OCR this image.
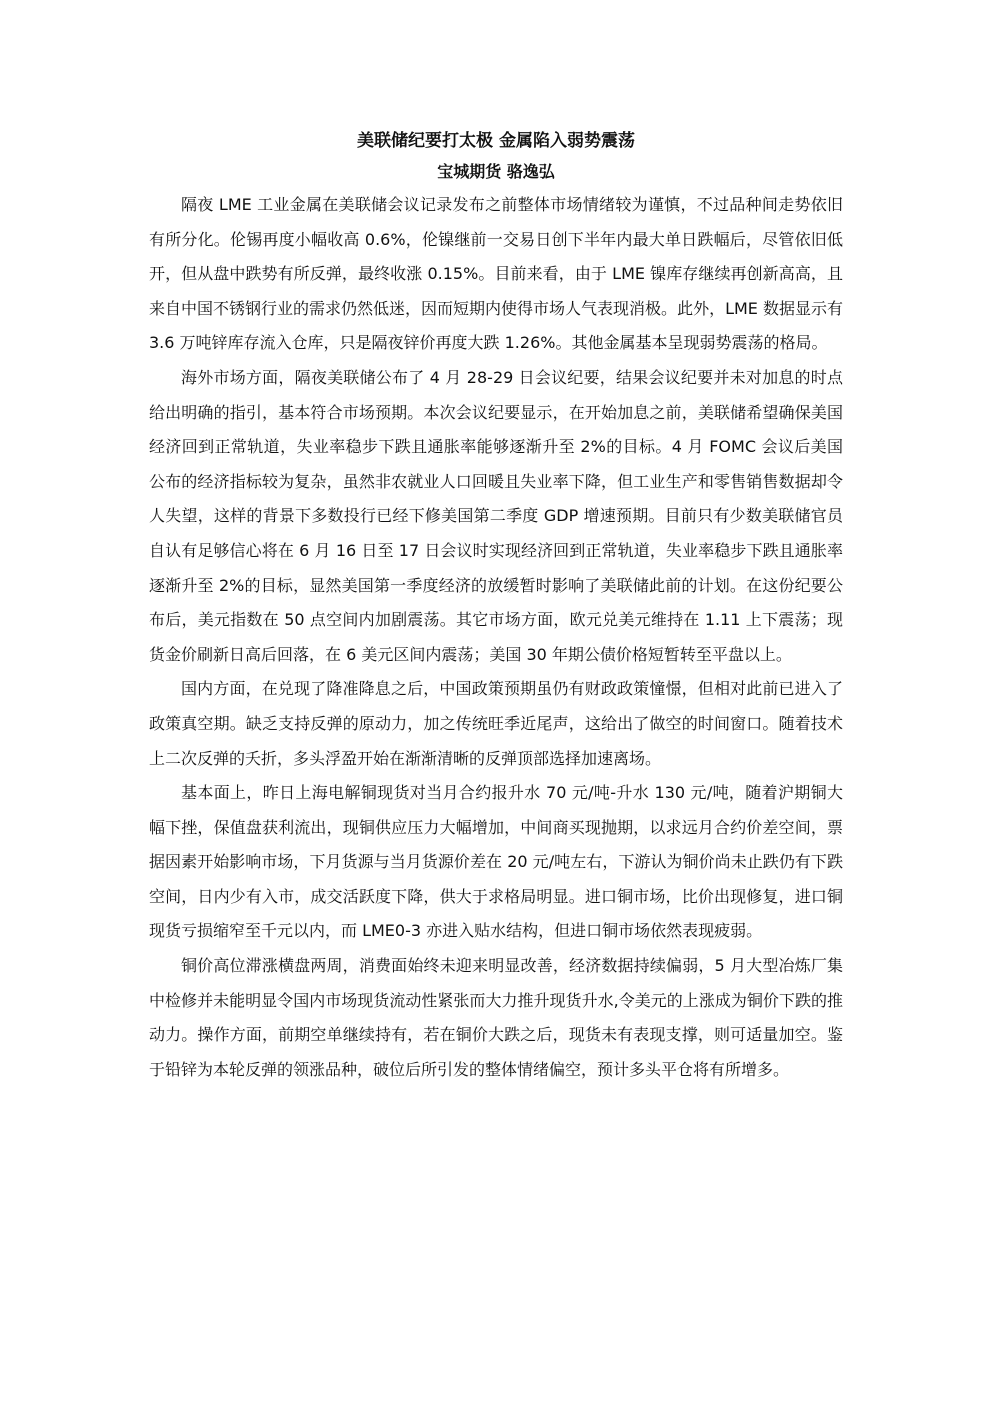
美联储纪要打太极 金属陷入弱势震荡
宝城期货 骆逸弘

隔夜 LME 工业金属在美联储会议记录发布之前整体市场情绪较为谨慎，不过品种间走势依旧有所分化。伦锡再度小幅收高 0.6%，伦镍继前一交易日创下半年内最大单日跌幅后，尽管依旧低开，但从盘中跌势有所反弹，最终收涨 0.15%。目前来看，由于 LME 镍库存继续再创新高高，且来自中国不锈钢行业的需求仍然低迷，因而短期内使得市场人气表现消极。此外，LME 数据显示有 3.6 万吨锌库存流入仓库，只是隔夜锌价再度大跌 1.26%。其他金属基本呈现弱势震荡的格局。

海外市场方面，隔夜美联储公布了 4 月 28-29 日会议纪要，结果会议纪要并未对加息的时点给出明确的指引，基本符合市场预期。本次会议纪要显示，在开始加息之前，美联储希望确保美国经济回到正常轨道，失业率稳步下跌且通胀率能够逐渐升至 2%的目标。4 月 FOMC 会议后美国公布的经济指标较为复杂，虽然非农就业人口回暖且失业率下降，但工业生产和零售销售数据却令人失望，这样的背景下多数投行已经下修美国第二季度 GDP 增速预期。目前只有少数美联储官员自认有足够信心将在 6 月 16 日至 17 日会议时实现经济回到正常轨道，失业率稳步下跌且通胀率逐渐升至 2%的目标，显然美国第一季度经济的放缓暂时影响了美联储此前的计划。在这份纪要公布后，美元指数在 50 点空间内加剧震荡。其它市场方面，欧元兑美元维持在 1.11 上下震荡；现货金价刷新日高后回落，在 6 美元区间内震荡；美国 30 年期公债价格短暂转至平盘以上。

国内方面，在兑现了降准降息之后，中国政策预期虽仍有财政政策憧憬，但相对此前已进入了政策真空期。缺乏支持反弹的原动力，加之传统旺季近尾声，这给出了做空的时间窗口。随着技术上二次反弹的夭折，多头浮盈开始在渐渐清晰的反弹顶部选择加速离场。

基本面上，昨日上海电解铜现货对当月合约报升水 70 元/吨-升水 130 元/吨，随着沪期铜大幅下挫，保值盘获利流出，现铜供应压力大幅增加，中间商买现抛期，以求远月合约价差空间，票据因素开始影响市场，下月货源与当月货源价差在 20 元/吨左右，下游认为铜价尚未止跌仍有下跌空间，日内少有入市，成交活跃度下降，供大于求格局明显。进口铜市场，比价出现修复，进口铜现货亏损缩窄至千元以内，而 LME0-3 亦进入贴水结构，但进口铜市场依然表现疲弱。

铜价高位滞涨横盘两周，消费面始终未迎来明显改善，经济数据持续偏弱，5 月大型冶炼厂集中检修并未能明显令国内市场现货流动性紧张而大力推升现货升水,令美元的上涨成为铜价下跌的推动力。操作方面，前期空单继续持有，若在铜价大跌之后，现货未有表现支撑，则可适量加空。鉴于铅锌为本轮反弹的领涨品种，破位后所引发的整体情绪偏空，预计多头平仓将有所增多。
